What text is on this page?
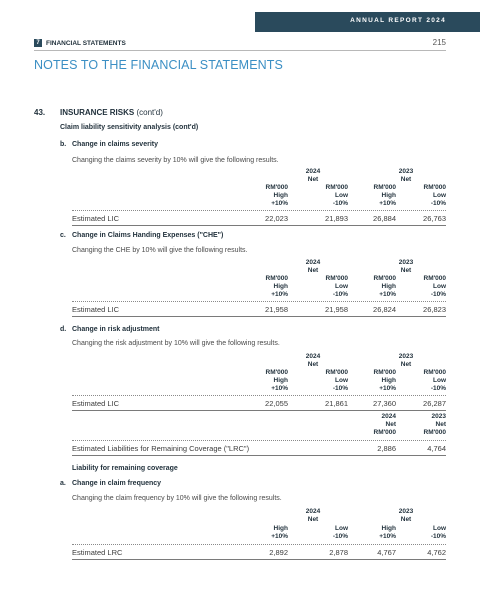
ANNUAL REPORT 2024
7 FINANCIAL STATEMENTS	215
NOTES TO THE FINANCIAL STATEMENTS
43. INSURANCE RISKS (cont'd)
Claim liability sensitivity analysis (cont'd)
b. Change in claims severity
Changing the claims severity by 10% will give the following results.
2024
Net
2023
Net
RM'000	RM'000	RM'000	RM'000
High	Low	High	Low
+10%	-10%	+10%	-10%
Estimated LIC	22,023	21,893	26,884	26,763
c. Change in Claims Handing Expenses ("CHE")
Changing the CHE by 10% will give the following results.
2024
Net
2023
Net
RM'000	RM'000	RM'000	RM'000
High	Low	High	Low
+10%	-10%	+10%	-10%
Estimated LIC	21,958	21,958	26,824	26,823
d. Change in risk adjustment
Changing the risk adjustment by 10% will give the following results.
2024
Net
2023
Net
RM'000	RM'000	RM'000	RM'000
High	Low	High	Low
+10%	-10%	+10%	-10%
Estimated LIC	22,055	21,861	27,360	26,287
2024	2023
Net	Net
RM'000	RM'000
Estimated Liabilities for Remaining Coverage ("LRC")	2,886	4,764
Liability for remaining coverage
a. Change in claim frequency
Changing the claim frequency by 10% will give the following results.
2024
Net
2023
Net
High	Low	High	Low
+10%	-10%	+10%	-10%
Estimated LRC	2,892	2,878	4,767	4,762
